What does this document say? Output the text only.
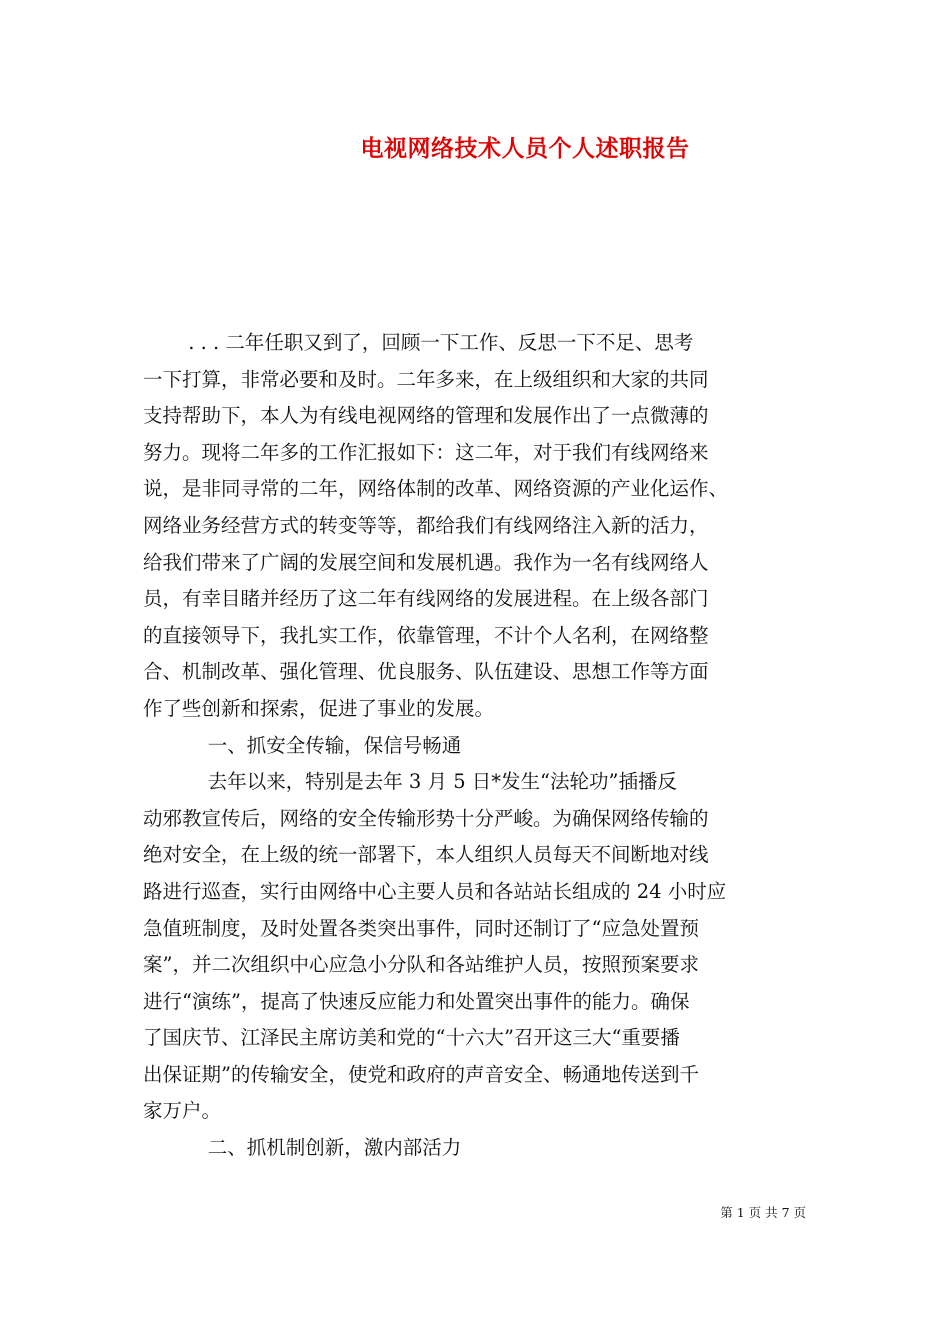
电视网络技术人员个人述职报告
　　 . . . 二年任职又到了，回顾一下工作、反思一下不足、思考
一下打算，非常必要和及时。二年多来，在上级组织和大家的共同
支持帮助下，本人为有线电视网络的管理和发展作出了一点微薄的
努力。现将二年多的工作汇报如下：这二年，对于我们有线网络来
说，是非同寻常的二年，网络体制的改革、网络资源的产业化运作、
网络业务经营方式的转变等等，都给我们有线网络注入新的活力，
给我们带来了广阔的发展空间和发展机遇。我作为一名有线网络人
员，有幸目睹并经历了这二年有线网络的发展进程。在上级各部门
的直接领导下，我扎实工作，依靠管理，不计个人名利，在网络整
合、机制改革、强化管理、优良服务、队伍建设、思想工作等方面
作了些创新和探索，促进了事业的发展。
　　　 一、抓安全传输，保信号畅通
　　　 去年以来，特别是去年 3 月 5 日*发生“法轮功”插播反
动邪教宣传后，网络的安全传输形势十分严峻。为确保网络传输的
绝对安全，在上级的统一部署下，本人组织人员每天不间断地对线
路进行巡查，实行由网络中心主要人员和各站站长组成的 24 小时应
急值班制度，及时处置各类突出事件，同时还制订了“应急处置预
案”，并二次组织中心应急小分队和各站维护人员，按照预案要求
进行“演练”，提高了快速反应能力和处置突出事件的能力。确保
了国庆节、江泽民主席访美和党的“十六大”召开这三大“重要播
出保证期”的传输安全，使党和政府的声音安全、畅通地传送到千
家万户。
　　　 二、抓机制创新，激内部活力
第 1 页 共 7 页
